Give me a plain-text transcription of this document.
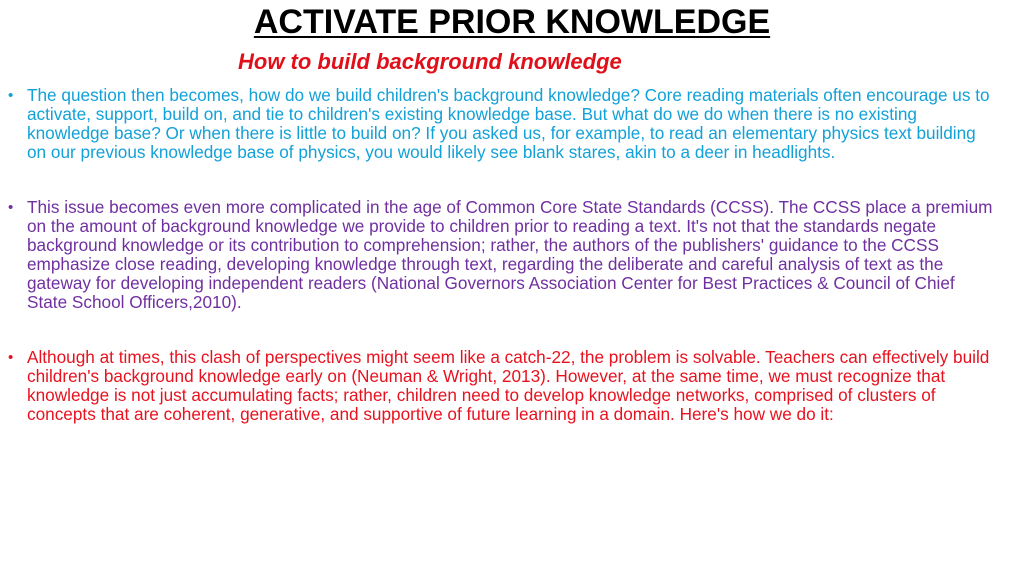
ACTIVATE PRIOR KNOWLEDGE
How to build background knowledge
• The question then becomes, how do we build children's background knowledge? Core reading materials often encourage us to activate, support, build on, and tie to children's existing knowledge base. But what do we do when there is no existing knowledge base? Or when there is little to build on? If you asked us, for example, to read an elementary physics text building on our previous knowledge base of physics, you would likely see blank stares, akin to a deer in headlights.
• This issue becomes even more complicated in the age of Common Core State Standards (CCSS). The CCSS place a premium on the amount of background knowledge we provide to children prior to reading a text. It's not that the standards negate background knowledge or its contribution to comprehension; rather, the authors of the publishers' guidance to the CCSS emphasize close reading, developing knowledge through text, regarding the deliberate and careful analysis of text as the gateway for developing independent readers (National Governors Association Center for Best Practices & Council of Chief State School Officers,2010).
• Although at times, this clash of perspectives might seem like a catch-22, the problem is solvable. Teachers can effectively build children's background knowledge early on (Neuman & Wright, 2013). However, at the same time, we must recognize that knowledge is not just accumulating facts; rather, children need to develop knowledge networks, comprised of clusters of concepts that are coherent, generative, and supportive of future learning in a domain. Here's how we do it:
